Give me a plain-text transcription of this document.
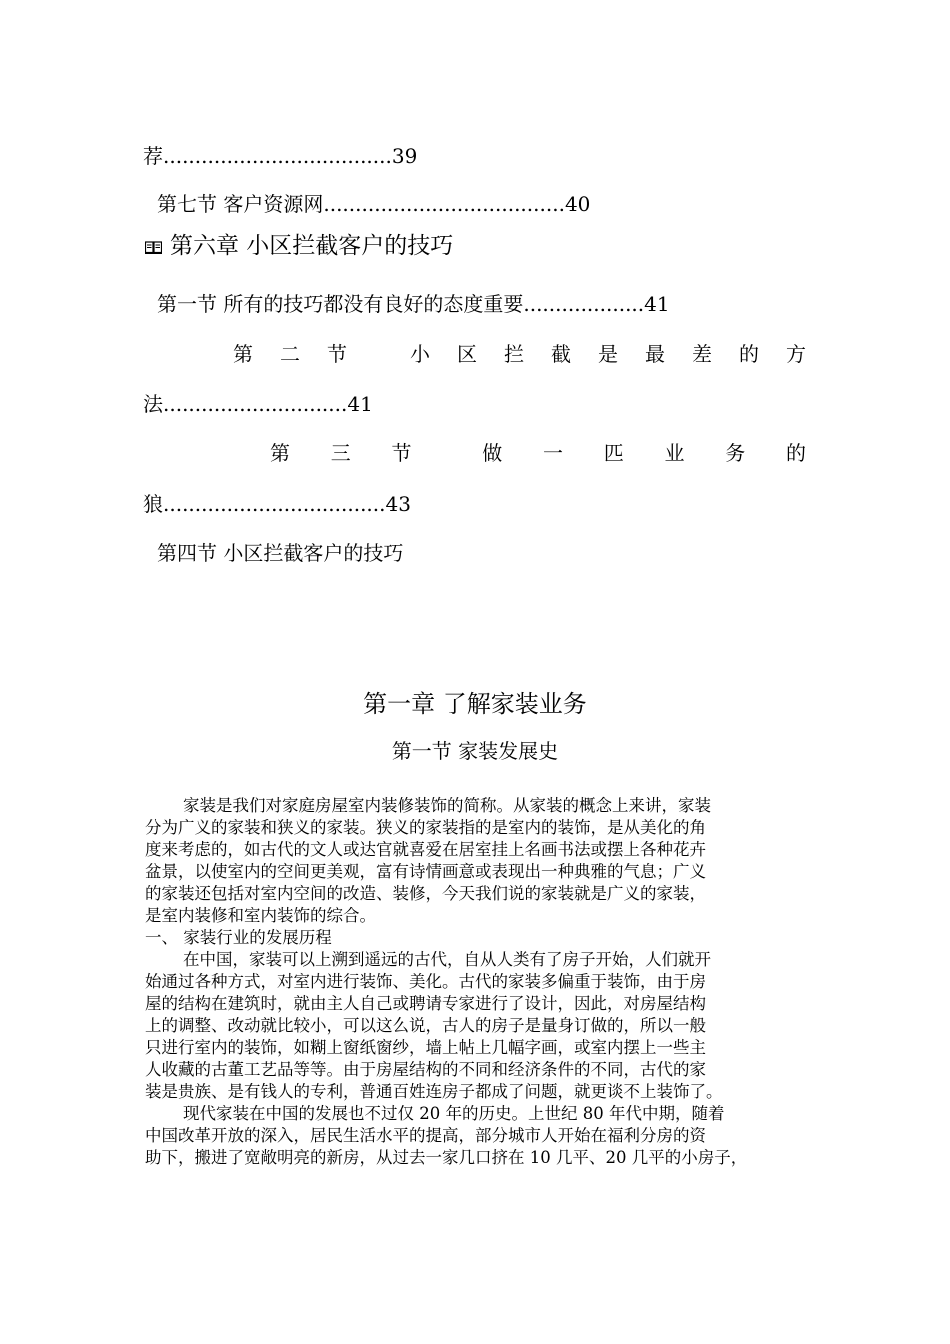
荐....................................39
第七节 客户资源网......................................40
第六章 小区拦截客户的技巧
第一节 所有的技巧都没有良好的态度重要...................41
第 二 节	小 区 拦 截 是 最 差 的 方
法.............................41
第 三 节	做 一 匹 业 务 的
狼...................................43
第四节 小区拦截客户的技巧
第一章 了解家装业务
第一节 家装发展史
家装是我们对家庭房屋室内装修装饰的简称。从家装的概念上来讲，家装
分为广义的家装和狭义的家装。狭义的家装指的是室内的装饰，是从美化的角
度来考虑的，如古代的文人或达官就喜爱在居室挂上名画书法或摆上各种花卉
盆景，以使室内的空间更美观，富有诗情画意或表现出一种典雅的气息；广义
的家装还包括对室内空间的改造、装修，今天我们说的家装就是广义的家装，
是室内装修和室内装饰的综合。
一、 家装行业的发展历程
在中国，家装可以上溯到遥远的古代，自从人类有了房子开始，人们就开
始通过各种方式，对室内进行装饰、美化。古代的家装多偏重于装饰，由于房
屋的结构在建筑时，就由主人自己或聘请专家进行了设计，因此，对房屋结构
上的调整、改动就比较小，可以这么说，古人的房子是量身订做的，所以一般
只进行室内的装饰，如糊上窗纸窗纱，墙上帖上几幅字画，或室内摆上一些主
人收藏的古董工艺品等等。由于房屋结构的不同和经济条件的不同，古代的家
装是贵族、是有钱人的专利，普通百姓连房子都成了问题，就更谈不上装饰了。
现代家装在中国的发展也不过仅 20 年的历史。上世纪 80 年代中期，随着
中国改革开放的深入，居民生活水平的提高，部分城市人开始在福利分房的资
助下，搬进了宽敞明亮的新房，从过去一家几口挤在 10 几平、20 几平的小房子，
